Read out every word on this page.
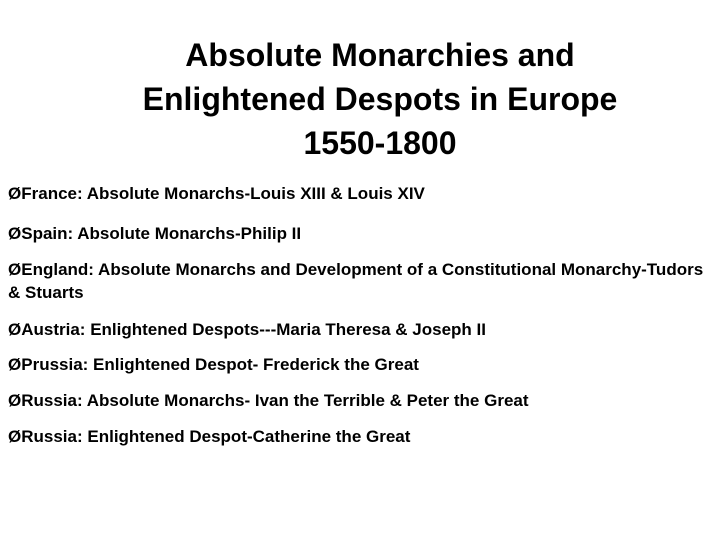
Absolute Monarchies and
Enlightened Despots in Europe
1550-1800
ØFrance: Absolute Monarchs-Louis XIII & Louis XIV
ØSpain: Absolute Monarchs-Philip II
ØEngland: Absolute Monarchs and Development of a Constitutional Monarchy-Tudors & Stuarts
ØAustria: Enlightened Despots---Maria Theresa & Joseph II
ØPrussia: Enlightened Despot- Frederick the Great
ØRussia: Absolute Monarchs- Ivan the Terrible & Peter the Great
ØRussia: Enlightened Despot-Catherine the Great
